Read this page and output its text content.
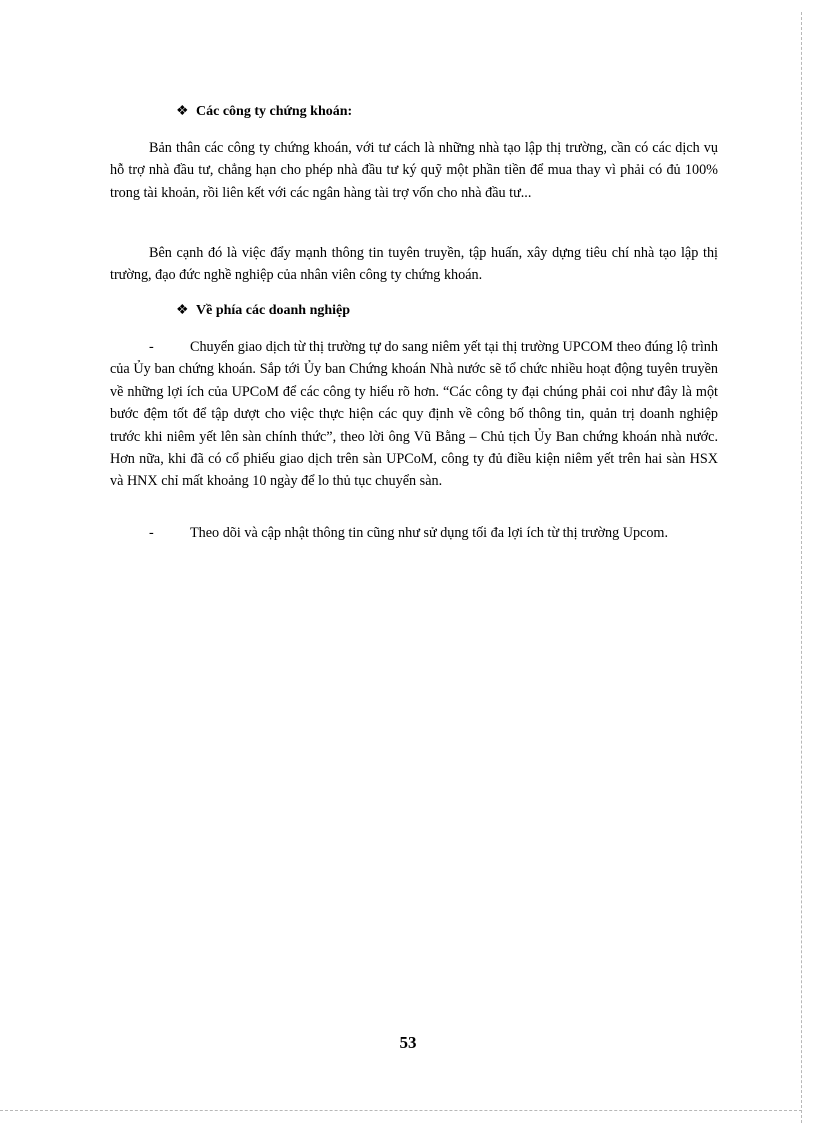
❖ Các công ty chứng khoán:

Bản thân các công ty chứng khoán, với tư cách là những nhà tạo lập thị trường, cần có các dịch vụ hỗ trợ nhà đầu tư, chẳng hạn cho phép nhà đầu tư ký quỹ một phần tiền để mua thay vì phải có đủ 100% trong tài khoản, rồi liên kết với các ngân hàng tài trợ vốn cho nhà đầu tư...

Bên cạnh đó là việc đẩy mạnh thông tin tuyên truyền, tập huấn, xây dựng tiêu chí nhà tạo lập thị trường, đạo đức nghề nghiệp của nhân viên công ty chứng khoán.

❖ Về phía các doanh nghiệp

-	Chuyển giao dịch từ thị trường tự do sang niêm yết tại thị trường UPCOM theo đúng lộ trình của Ủy ban chứng khoán. Sắp tới Ủy ban Chứng khoán Nhà nước sẽ tổ chức nhiều hoạt động tuyên truyền về những lợi ích của UPCoM để các công ty hiểu rõ hơn. “Các công ty đại chúng phải coi như đây là một bước đệm tốt để tập dượt cho việc thực hiện các quy định về công bố thông tin, quản trị doanh nghiệp trước khi niêm yết lên sàn chính thức”, theo lời ông Vũ Bằng – Chủ tịch Ủy Ban chứng khoán nhà nước. Hơn nữa, khi đã có cổ phiếu giao dịch trên sàn UPCoM, công ty đủ điều kiện niêm yết trên hai sàn HSX và HNX chỉ mất khoảng 10 ngày để lo thủ tục chuyển sàn.

-	Theo dõi và cập nhật thông tin cũng như sử dụng tối đa lợi ích từ thị trường Upcom.

53
